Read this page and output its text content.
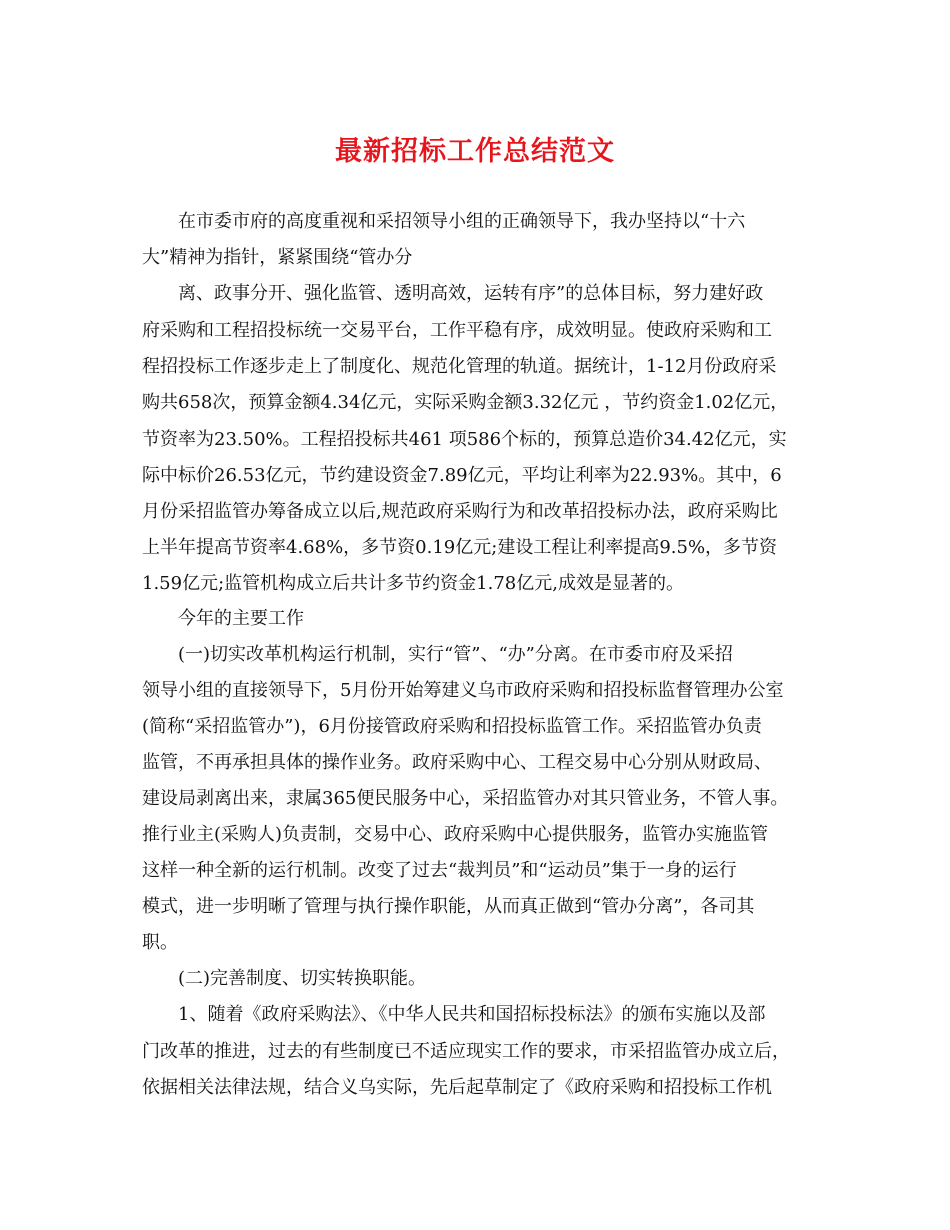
最新招标工作总结范文
在市委市府的高度重视和采招领导小组的正确领导下，我办坚持以“十六
大”精神为指针，紧紧围绕“管办分
离、政事分开、强化监管、透明高效，运转有序”的总体目标，努力建好政
府采购和工程招投标统一交易平台，工作平稳有序，成效明显。使政府采购和工
程招投标工作逐步走上了制度化、规范化管理的轨道。据统计，1-12月份政府采
购共658次，预算金额4.34亿元，实际采购金额3.32亿元 ，节约资金1.02亿元，
节资率为23.50%。工程招投标共461 项586个标的，预算总造价34.42亿元，实
际中标价26.53亿元，节约建设资金7.89亿元，平均让利率为22.93%。其中，6
月份采招监管办筹备成立以后,规范政府采购行为和改革招投标办法，政府采购比
上半年提高节资率4.68%，多节资0.19亿元;建设工程让利率提高9.5%，多节资
1.59亿元;监管机构成立后共计多节约资金1.78亿元,成效是显著的。
今年的主要工作
(一)切实改革机构运行机制，实行“管”、“办”分离。在市委市府及采招
领导小组的直接领导下，5月份开始筹建义乌市政府采购和招投标监督管理办公室
(简称“采招监管办”)，6月份接管政府采购和招投标监管工作。采招监管办负责
监管，不再承担具体的操作业务。政府采购中心、工程交易中心分别从财政局、
建设局剥离出来，隶属365便民服务中心，采招监管办对其只管业务，不管人事。
推行业主(采购人)负责制，交易中心、政府采购中心提供服务，监管办实施监管
这样一种全新的运行机制。改变了过去“裁判员”和“运动员”集于一身的运行
模式，进一步明晰了管理与执行操作职能，从而真正做到“管办分离”，各司其
职。
(二)完善制度、切实转换职能。
1、随着《政府采购法》、《中华人民共和国招标投标法》的颁布实施以及部
门改革的推进，过去的有些制度已不适应现实工作的要求，市采招监管办成立后，
依据相关法律法规，结合义乌实际，先后起草制定了《政府采购和招投标工作机
